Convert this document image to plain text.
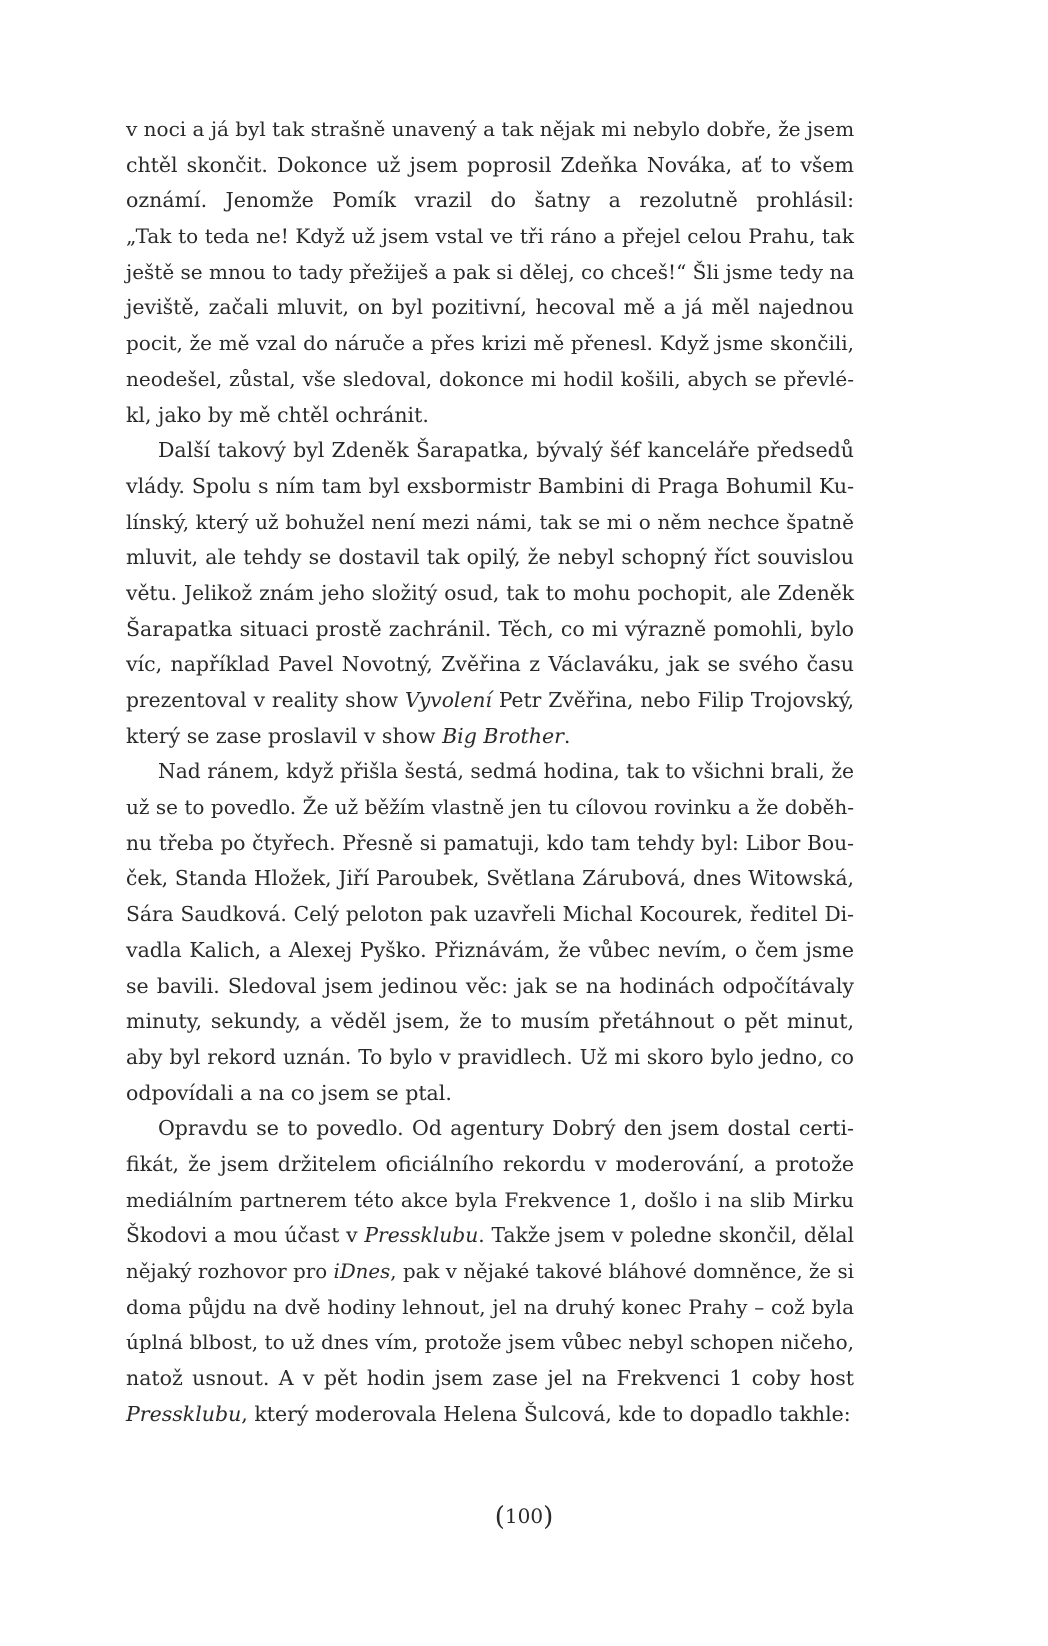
v noci a já byl tak strašně unavený a tak nějak mi nebylo dobře, že jsem
chtěl skončit. Dokonce už jsem poprosil Zdeňka Nováka, ať to všem
oznámí. Jenomže Pomík vrazil do šatny a rezolutně prohlásil:
„Tak to teda ne! Když už jsem vstal ve tři ráno a přejel celou Prahu, tak
ještě se mnou to tady přežiješ a pak si dělej, co chceš!“ Šli jsme tedy na
jeviště, začali mluvit, on byl pozitivní, hecoval mě a já měl najednou
pocit, že mě vzal do náruče a přes krizi mě přenesl. Když jsme skončili,
neodešel, zůstal, vše sledoval, dokonce mi hodil košili, abych se převlé-
kl, jako by mě chtěl ochránit.
Další takový byl Zdeněk Šarapatka, bývalý šéf kanceláře předsedů
vlády. Spolu s ním tam byl exsbormistr Bambini di Praga Bohumil Ku-
línský, který už bohužel není mezi námi, tak se mi o něm nechce špatně
mluvit, ale tehdy se dostavil tak opilý, že nebyl schopný říct souvislou
větu. Jelikož znám jeho složitý osud, tak to mohu pochopit, ale Zdeněk
Šarapatka situaci prostě zachránil. Těch, co mi výrazně pomohli, bylo
víc, například Pavel Novotný, Zvěřina z Václaváku, jak se svého času
prezentoval v reality show Vyvolení Petr Zvěřina, nebo Filip Trojovský,
který se zase proslavil v show Big Brother.
Nad ránem, když přišla šestá, sedmá hodina, tak to všichni brali, že
už se to povedlo. Že už běžím vlastně jen tu cílovou rovinku a že doběh-
nu třeba po čtyřech. Přesně si pamatuji, kdo tam tehdy byl: Libor Bou-
ček, Standa Hložek, Jiří Paroubek, Světlana Zárubová, dnes Witowská,
Sára Saudková. Celý peloton pak uzavřeli Michal Kocourek, ředitel Di-
vadla Kalich, a Alexej Pyško. Přiznávám, že vůbec nevím, o čem jsme
se bavili. Sledoval jsem jedinou věc: jak se na hodinách odpočítávaly
minuty, sekundy, a věděl jsem, že to musím přetáhnout o pět minut,
aby byl rekord uznán. To bylo v pravidlech. Už mi skoro bylo jedno, co
odpovídali a na co jsem se ptal.
Opravdu se to povedlo. Od agentury Dobrý den jsem dostal certi-
fikát, že jsem držitelem oficiálního rekordu v moderování, a protože
mediálním partnerem této akce byla Frekvence 1, došlo i na slib Mirku
Škodovi a mou účast v Pressklubu. Takže jsem v poledne skončil, dělal
nějaký rozhovor pro iDnes, pak v nějaké takové bláhové domněnce, že si
doma půjdu na dvě hodiny lehnout, jel na druhý konec Prahy – což byla
úplná blbost, to už dnes vím, protože jsem vůbec nebyl schopen ničeho,
natož usnout. A v pět hodin jsem zase jel na Frekvenci 1 coby host
Pressklubu, který moderovala Helena Šulcová, kde to dopadlo takhle:
(100)
